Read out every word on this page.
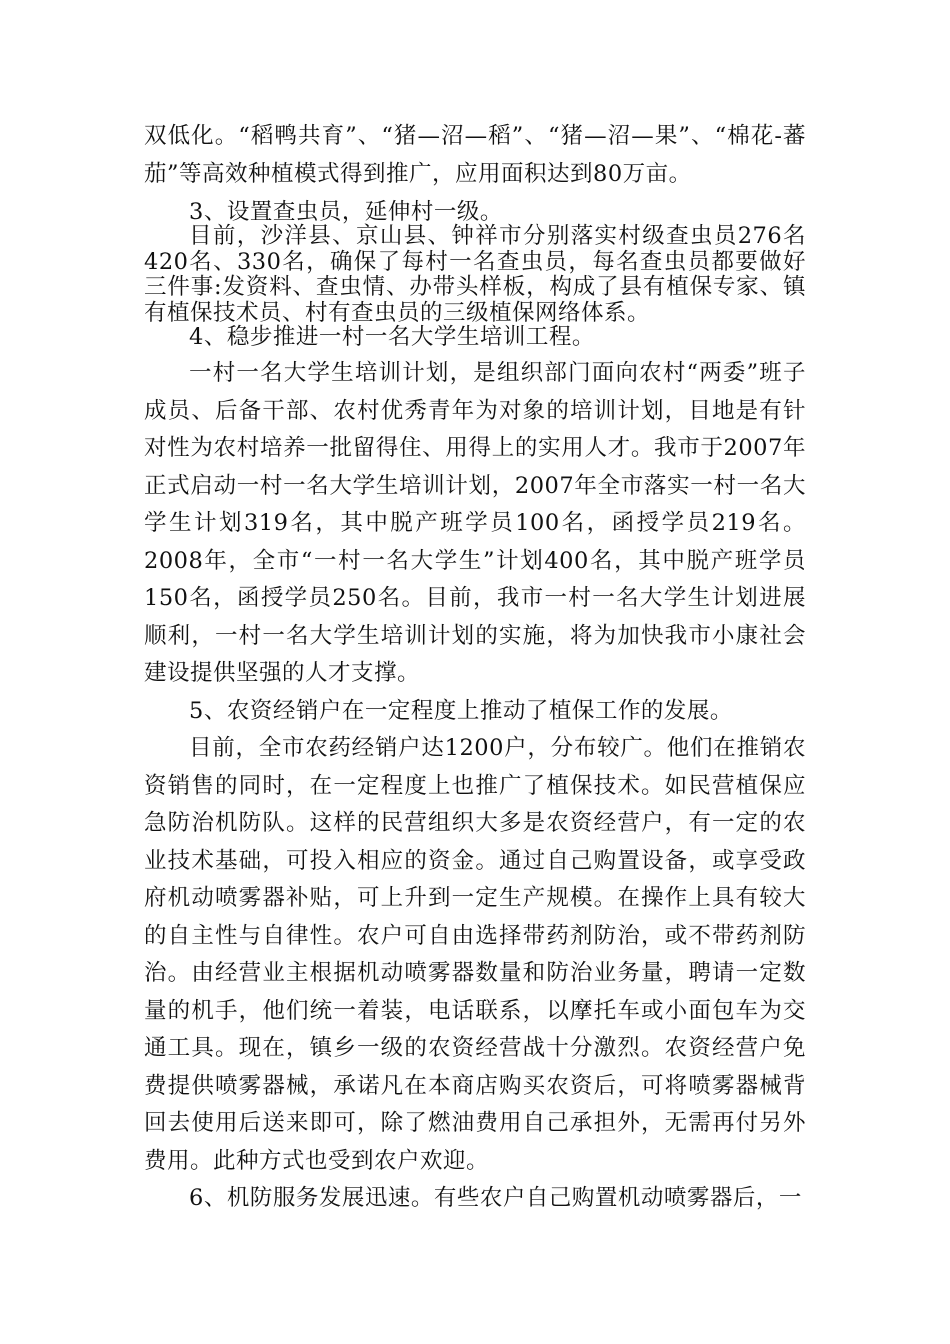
双低化。“稻鸭共育”、“猪—沼—稻”、“猪—沼—果”、“棉花-蕃茄”等高效种植模式得到推广，应用面积达到80万亩。

3、设置查虫员，延伸村一级。

目前，沙洋县、京山县、钟祥市分别落实村级查虫员276名420名、330名，确保了每村一名查虫员，每名查虫员都要做好三件事:发资料、查虫情、办带头样板，构成了县有植保专家、镇有植保技术员、村有查虫员的三级植保网络体系。

4、稳步推进一村一名大学生培训工程。

一村一名大学生培训计划，是组织部门面向农村“两委”班子成员、后备干部、农村优秀青年为对象的培训计划，目地是有针对性为农村培养一批留得住、用得上的实用人才。我市于2007年正式启动一村一名大学生培训计划，2007年全市落实一村一名大学生计划319名，其中脱产班学员100名，函授学员219名。2008年，全市“一村一名大学生”计划400名，其中脱产班学员150名，函授学员250名。目前，我市一村一名大学生计划进展顺利，一村一名大学生培训计划的实施，将为加快我市小康社会建设提供坚强的人才支撑。

5、农资经销户在一定程度上推动了植保工作的发展。

目前，全市农药经销户达1200户，分布较广。他们在推销农资销售的同时，在一定程度上也推广了植保技术。如民营植保应急防治机防队。这样的民营组织大多是农资经营户，有一定的农业技术基础，可投入相应的资金。通过自己购置设备，或享受政府机动喷雾器补贴，可上升到一定生产规模。在操作上具有较大的自主性与自律性。农户可自由选择带药剂防治，或不带药剂防治。由经营业主根据机动喷雾器数量和防治业务量，聘请一定数量的机手，他们统一着装，电话联系，以摩托车或小面包车为交通工具。现在，镇乡一级的农资经营战十分激烈。农资经营户免费提供喷雾器械，承诺凡在本商店购买农资后，可将喷雾器械背回去使用后送来即可，除了燃油费用自己承担外，无需再付另外费用。此种方式也受到农户欢迎。

6、机防服务发展迅速。有些农户自己购置机动喷雾器后，一
